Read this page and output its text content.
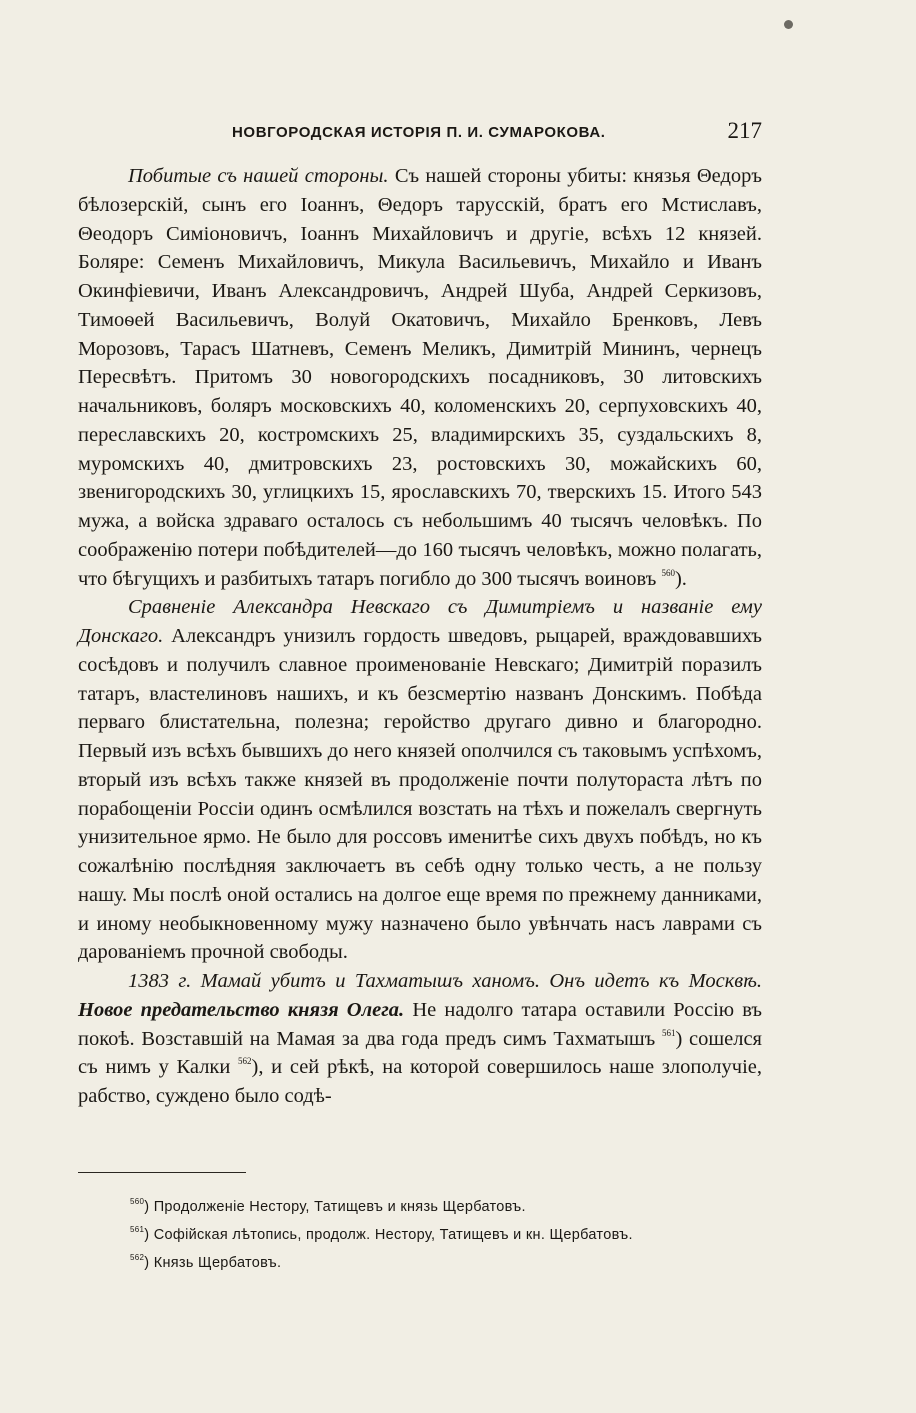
НОВГОРОДСКАЯ ИСТОРІЯ П. И. СУМАРОКОВА.	217

Побитые съ нашей стороны. Съ нашей стороны убиты: князья Θедоръ бѣлозерскій, сынъ его Іоаннъ, Θедоръ тарусскій, братъ его Мстиславъ, Θеодоръ Симіоновичъ, Іоаннъ Михайловичъ и другіе, всѣхъ 12 князей. Боляре: Семенъ Михайловичъ, Микула Васильевичъ, Михайло и Иванъ Окинфіевичи, Иванъ Александровичъ, Андрей Шуба, Андрей Серкизовъ, Тимоѳей Васильевичъ, Волуй Окатовичъ, Михайло Бренковъ, Левъ Морозовъ, Тарасъ Шатневъ, Семенъ Меликъ, Димитрій Мининъ, чернецъ Пересвѣтъ. Притомъ 30 новогородскихъ посадниковъ, 30 литовскихъ начальниковъ, боляръ московскихъ 40, коломенскихъ 20, серпуховскихъ 40, переславскихъ 20, костромскихъ 25, владимирскихъ 35, суздальскихъ 8, муромскихъ 40, дмитровскихъ 23, ростовскихъ 30, можайскихъ 60, звенигородскихъ 30, углицкихъ 15, ярославскихъ 70, тверскихъ 15. Итого 543 мужа, а войска здраваго осталось съ небольшимъ 40 тысячъ человѣкъ. По соображенію потери побѣдителей—до 160 тысячъ человѣкъ, можно полагать, что бѣгущихъ и разбитыхъ татаръ погибло до 300 тысячъ воиновъ $^{560}$).

Сравненіе Александра Невскаго съ Димитріемъ и названіе ему Донскаго. Александръ унизилъ гордость шведовъ, рыцарей, враждовавшихъ сосѣдовъ и получилъ славное проименованіе Невскаго; Димитрій поразилъ татаръ, властелиновъ нашихъ, и къ безсмертію названъ Донскимъ. Побѣда перваго блистательна, полезна; геройство другаго дивно и благородно. Первый изъ всѣхъ бывшихъ до него князей ополчился съ таковымъ успѣхомъ, вторый изъ всѣхъ также князей въ продолженіе почти полутораста лѣтъ по порабощеніи Россіи одинъ осмѣлился возстать на тѣхъ и пожелалъ свергнуть унизительное ярмо. Не было для россовъ именитѣе сихъ двухъ побѣдъ, но къ сожалѣнію послѣдняя заключаетъ въ себѣ одну только честь, а не пользу нашу. Мы послѣ оной остались на долгое еще время по прежнему данниками, и иному необыкновенному мужу назначено было увѣнчать насъ лаврами съ дарованіемъ прочной свободы.

1383 г. Мамай убитъ и Тахматышъ ханомъ. Онъ идетъ къ Москвѣ. Новое предательство князя Олега. Не надолго татара оставили Россію въ покоѣ. Возставшій на Мамая за два года предъ симъ Тахматышъ $^{561}$) сошелся съ нимъ у Калки $^{562}$), и сей рѣкѣ, на которой совершилось наше злополучіе, рабство, суждено было содѣ-

$^{560}$) Продолженіе Нестору, Татищевъ и князь Щербатовъ.
$^{561}$) Софійская лѣтопись, продолж. Нестору, Татищевъ и кн. Щербатовъ.
$^{562}$) Князь Щербатовъ.
